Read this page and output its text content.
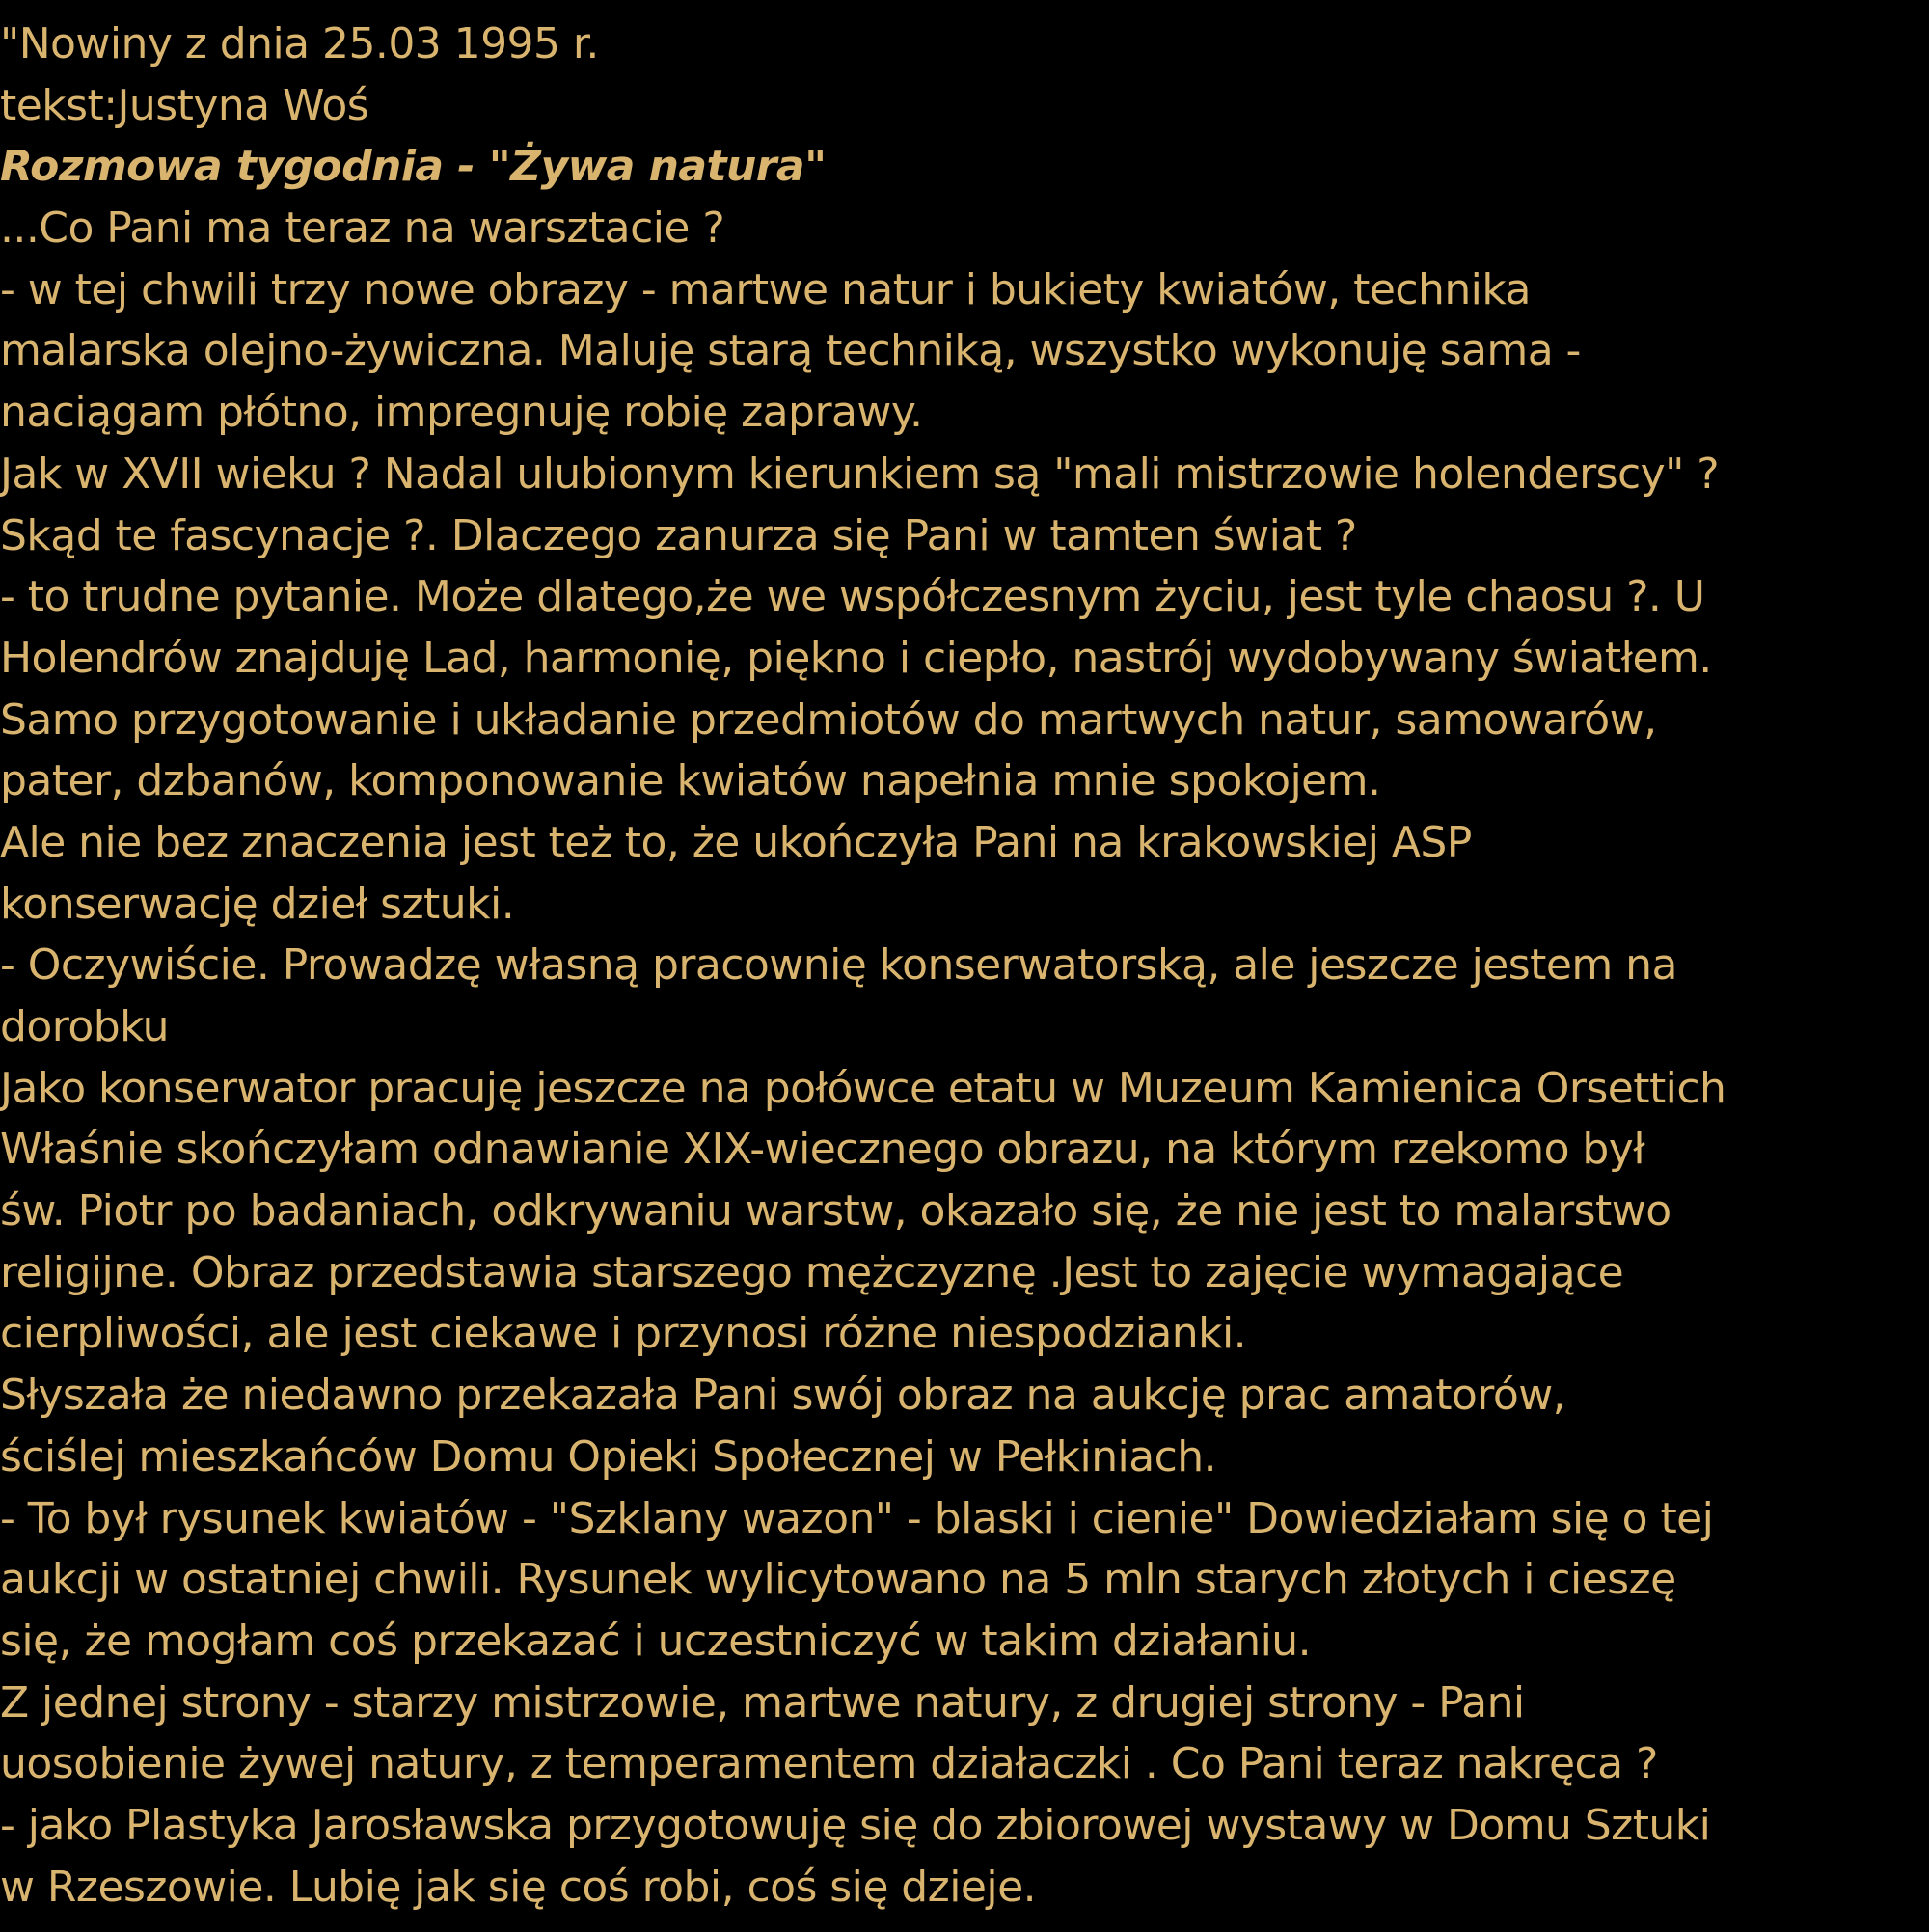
"Nowiny z dnia 25.03 1995 r.
tekst:Justyna Woś
Rozmowa tygodnia - "Żywa natura"
...Co Pani ma teraz na warsztacie ?
- w tej chwili trzy nowe obrazy - martwe natur i bukiety kwiatów, technika
malarska olejno-żywiczna. Maluję starą techniką, wszystko wykonuję sama -
naciągam płótno, impregnuję robię zaprawy.
Jak w XVII wieku ? Nadal ulubionym kierunkiem są "mali mistrzowie holenderscy" ?
Skąd te fascynacje ?. Dlaczego zanurza się Pani w tamten świat ?
- to trudne pytanie. Może dlatego,że we współczesnym życiu, jest tyle chaosu ?. U
Holendrów znajduję Lad, harmonię, piękno i ciepło, nastrój wydobywany światłem.
Samo przygotowanie i układanie przedmiotów do martwych natur, samowarów,
pater, dzbanów, komponowanie kwiatów napełnia mnie spokojem.
Ale nie bez znaczenia jest też to, że ukończyła Pani na krakowskiej ASP
konserwację dzieł sztuki.
- Oczywiście. Prowadzę własną pracownię konserwatorską, ale jeszcze jestem na
dorobku
Jako konserwator pracuję jeszcze na połówce etatu w Muzeum Kamienica Orsettich
Właśnie skończyłam odnawianie XIX-wiecznego obrazu, na którym rzekomo był
św. Piotr po badaniach, odkrywaniu warstw, okazało się, że nie jest to malarstwo
religijne. Obraz przedstawia starszego mężczyznę .Jest to zajęcie wymagające
cierpliwości, ale jest ciekawe i przynosi różne niespodzianki.
Słyszała że niedawno przekazała Pani swój obraz na aukcję prac amatorów,
ściślej mieszkańców Domu Opieki Społecznej w Pełkiniach.
- To był rysunek kwiatów - "Szklany wazon" - blaski i cienie" Dowiedziałam się o tej
aukcji w ostatniej chwili. Rysunek wylicytowano na 5 mln starych złotych i cieszę
się, że mogłam coś przekazać i uczestniczyć w takim działaniu.
Z jednej strony - starzy mistrzowie, martwe natury, z drugiej strony - Pani
uosobienie żywej natury, z temperamentem działaczki . Co Pani teraz nakręca ?
- jako Plastyka Jarosławska przygotowuję się do zbiorowej wystawy w Domu Sztuki
w Rzeszowie. Lubię jak się coś robi, coś się dzieje.
